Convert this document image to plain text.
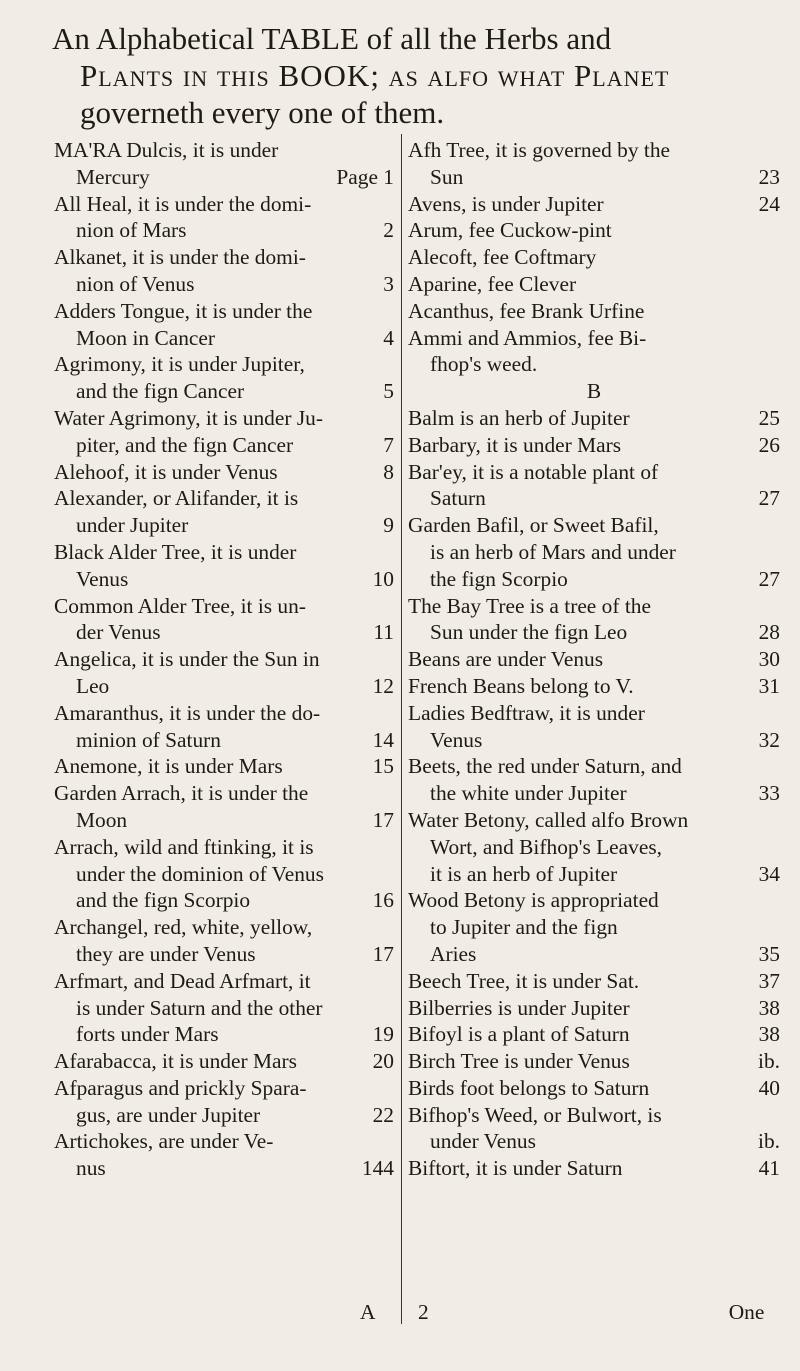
An Alphabetical TABLE of all the Herbs and
Plants in this BOOK; as alfo what Planet
governeth every one of them.
MA'RA Dulcis, it is under
Mercury	Page 1
All Heal, it is under the domi-
nion of Mars	2
Alkanet, it is under the domi-
nion of Venus	3
Adders Tongue, it is under the
Moon in Cancer	4
Agrimony, it is under Jupiter,
and the fign Cancer	5
Water Agrimony, it is under Ju-
piter, and the fign Cancer	7
Alehoof, it is under Venus	8
Alexander, or Alifander, it is
under Jupiter	9
Black Alder Tree, it is under
Venus	10
Common Alder Tree, it is un-
der Venus	11
Angelica, it is under the Sun in
Leo	12
Amaranthus, it is under the do-
minion of Saturn	14
Anemone, it is under Mars	15
Garden Arrach, it is under the
Moon	17
Arrach, wild and ftinking, it is
under the dominion of Venus
and the fign Scorpio	16
Archangel, red, white, yellow,
they are under Venus	17
Arfmart, and Dead Arfmart, it
is under Saturn and the other
forts under Mars	19
Afarabacca, it is under Mars	20
Afparagus and prickly Spara-
gus, are under Jupiter	22
Artichokes, are under Ve-
nus	144
Afh Tree, it is governed by the
Sun	23
Avens, is under Jupiter	24
Arum, fee Cuckow-pint
Alecoft, fee Coftmary
Aparine, fee Clever
Acanthus, fee Brank Urfine
Ammi and Ammios, fee Bi-
fhop's weed.
B
Balm is an herb of Jupiter	25
Barbary, it is under Mars	26
Bar'ey, it is a notable plant of
Saturn	27
Garden Bafil, or Sweet Bafil,
is an herb of Mars and under
the fign Scorpio	27
The Bay Tree is a tree of the
Sun under the fign Leo	28
Beans are under Venus	30
French Beans belong to V.	31
Ladies Bedftraw, it is under
Venus	32
Beets, the red under Saturn, and
the white under Jupiter	33
Water Betony, called alfo Brown
Wort, and Bifhop's Leaves,
it is an herb of Jupiter	34
Wood Betony is appropriated
to Jupiter and the fign
Aries	35
Beech Tree, it is under Sat.	37
Bilberries is under Jupiter	38
Bifoyl is a plant of Saturn	38
Birch Tree is under Venus	ib.
Birds foot belongs to Saturn	40
Bifhop's Weed, or Bulwort, is
under Venus	ib.
Biftort, it is under Saturn	41
A 2	One
